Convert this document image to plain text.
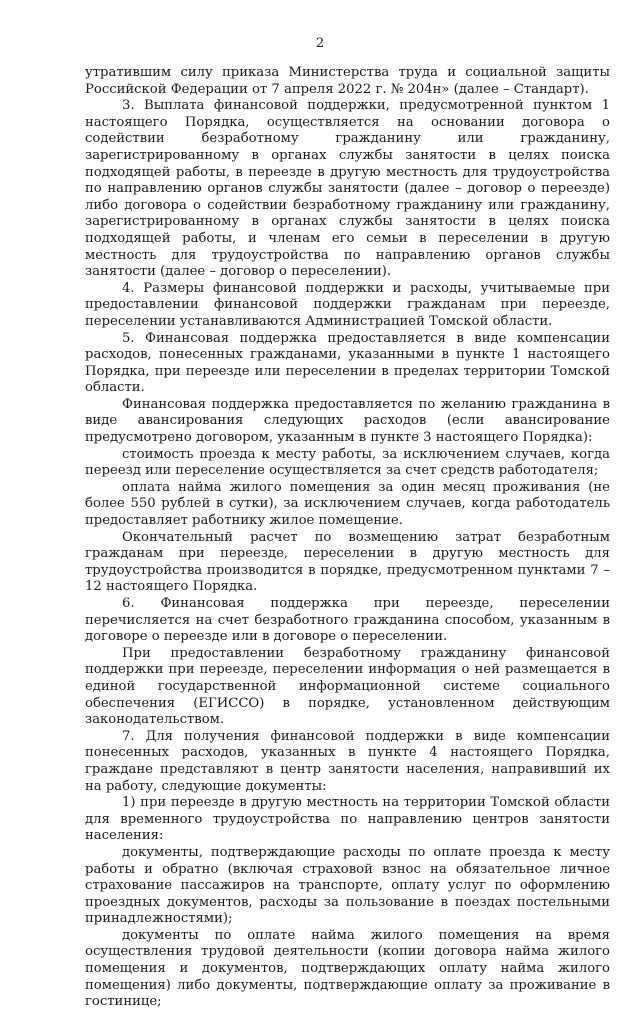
2

утратившим силу приказа Министерства труда и социальной защиты Российской Федерации от 7 апреля 2022 г. № 204н» (далее – Стандарт).

3. Выплата финансовой поддержки, предусмотренной пунктом 1 настоящего Порядка, осуществляется на основании договора о содействии безработному гражданину или гражданину, зарегистрированному в органах службы занятости в целях поиска подходящей работы, в переезде в другую местность для трудоустройства по направлению органов службы занятости (далее – договор о переезде) либо договора о содействии безработному гражданину или гражданину, зарегистрированному в органах службы занятости в целях поиска подходящей работы, и членам его семьи в переселении в другую местность для трудоустройства по направлению органов службы занятости (далее – договор о переселении).

4. Размеры финансовой поддержки и расходы, учитываемые при предоставлении финансовой поддержки гражданам при переезде, переселении устанавливаются Администрацией Томской области.

5. Финансовая поддержка предоставляется в виде компенсации расходов, понесенных гражданами, указанными в пункте 1 настоящего Порядка, при переезде или переселении в пределах территории Томской области.

Финансовая поддержка предоставляется по желанию гражданина в виде авансирования следующих расходов (если авансирование предусмотрено договором, указанным в пункте 3 настоящего Порядка):

стоимость проезда к месту работы, за исключением случаев, когда переезд или переселение осуществляется за счет средств работодателя;

оплата найма жилого помещения за один месяц проживания (не более 550 рублей в сутки), за исключением случаев, когда работодатель предоставляет работнику жилое помещение.

Окончательный расчет по возмещению затрат безработным гражданам при переезде, переселении в другую местность для трудоустройства производится в порядке, предусмотренном пунктами 7 – 12 настоящего Порядка.

6. Финансовая поддержка при переезде, переселении перечисляется на счет безработного гражданина способом, указанным в договоре о переезде или в договоре о переселении.

При предоставлении безработному гражданину финансовой поддержки при переезде, переселении информация о ней размещается в единой государственной информационной системе социального обеспечения (ЕГИССО) в порядке, установленном действующим законодательством.

7. Для получения финансовой поддержки в виде компенсации понесенных расходов, указанных в пункте 4 настоящего Порядка, граждане представляют в центр занятости населения, направивший их на работу, следующие документы:

1) при переезде в другую местность на территории Томской области для временного трудоустройства по направлению центров занятости населения:

документы, подтверждающие расходы по оплате проезда к месту работы и обратно (включая страховой взнос на обязательное личное страхование пассажиров на транспорте, оплату услуг по оформлению проездных документов, расходы за пользование в поездах постельными принадлежностями);

документы по оплате найма жилого помещения на время осуществления трудовой деятельности (копии договора найма жилого помещения и документов, подтверждающих оплату найма жилого помещения) либо документы, подтверждающие оплату за проживание в гостинице;
